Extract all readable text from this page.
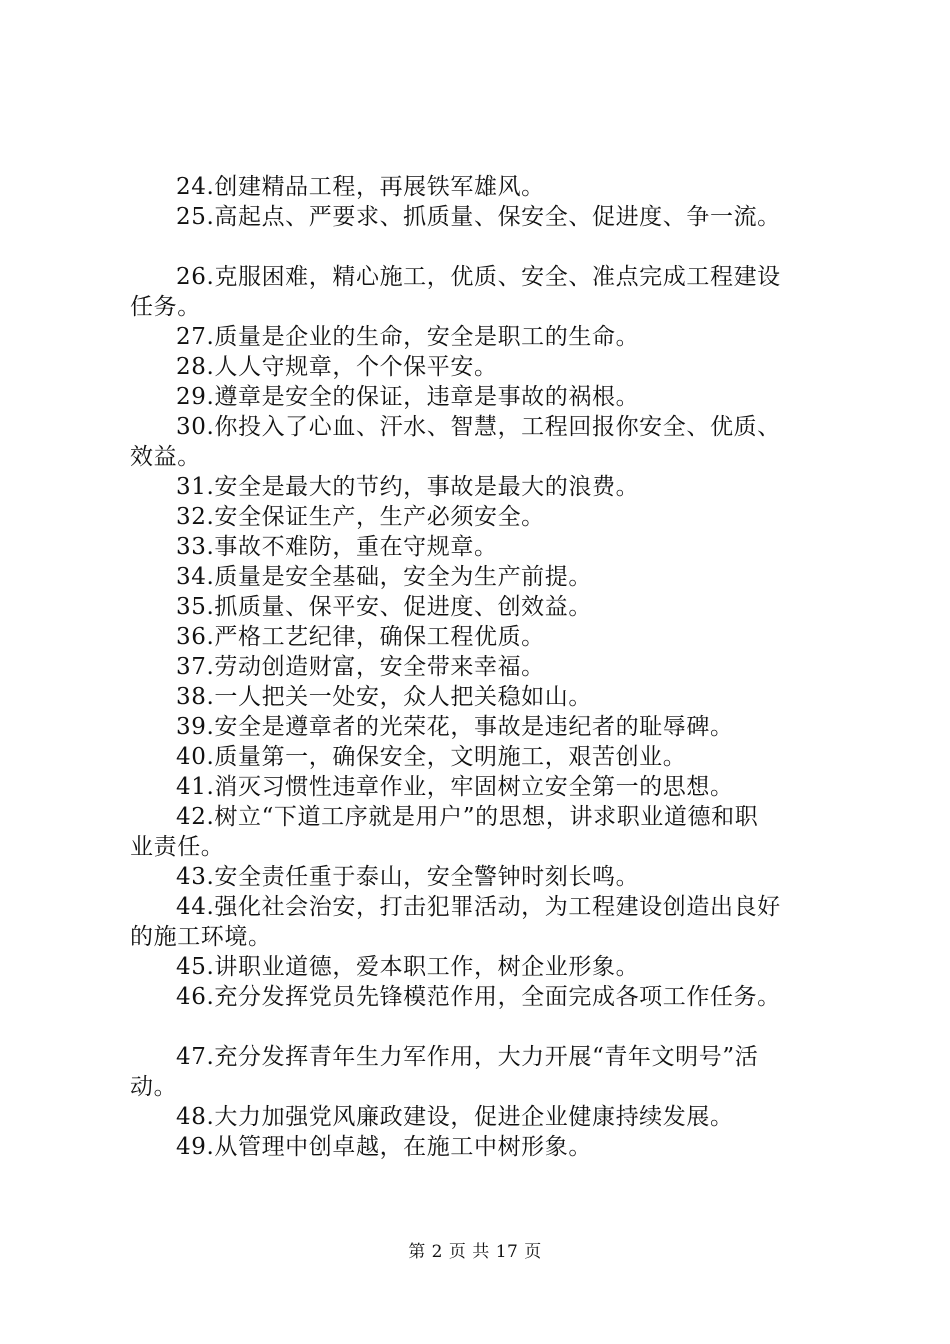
24.创建精品工程，再展铁军雄风。
25.高起点、严要求、抓质量、保安全、促进度、争一流。
26.克服困难，精心施工，优质、安全、准点完成工程建设
任务。
27.质量是企业的生命，安全是职工的生命。
28.人人守规章，个个保平安。
29.遵章是安全的保证，违章是事故的祸根。
30.你投入了心血、汗水、智慧，工程回报你安全、优质、
效益。
31.安全是最大的节约，事故是最大的浪费。
32.安全保证生产，生产必须安全。
33.事故不难防，重在守规章。
34.质量是安全基础，安全为生产前提。
35.抓质量、保平安、促进度、创效益。
36.严格工艺纪律，确保工程优质。
37.劳动创造财富，安全带来幸福。
38.一人把关一处安，众人把关稳如山。
39.安全是遵章者的光荣花，事故是违纪者的耻辱碑。
40.质量第一，确保安全，文明施工，艰苦创业。
41.消灭习惯性违章作业，牢固树立安全第一的思想。
42.树立“下道工序就是用户”的思想，讲求职业道德和职
业责任。
43.安全责任重于泰山，安全警钟时刻长鸣。
44.强化社会治安，打击犯罪活动，为工程建设创造出良好
的施工环境。
45.讲职业道德，爱本职工作，树企业形象。
46.充分发挥党员先锋模范作用，全面完成各项工作任务。
47.充分发挥青年生力军作用，大力开展“青年文明号”活
动。
48.大力加强党风廉政建设，促进企业健康持续发展。
49.从管理中创卓越，在施工中树形象。
第 2 页 共 17 页
